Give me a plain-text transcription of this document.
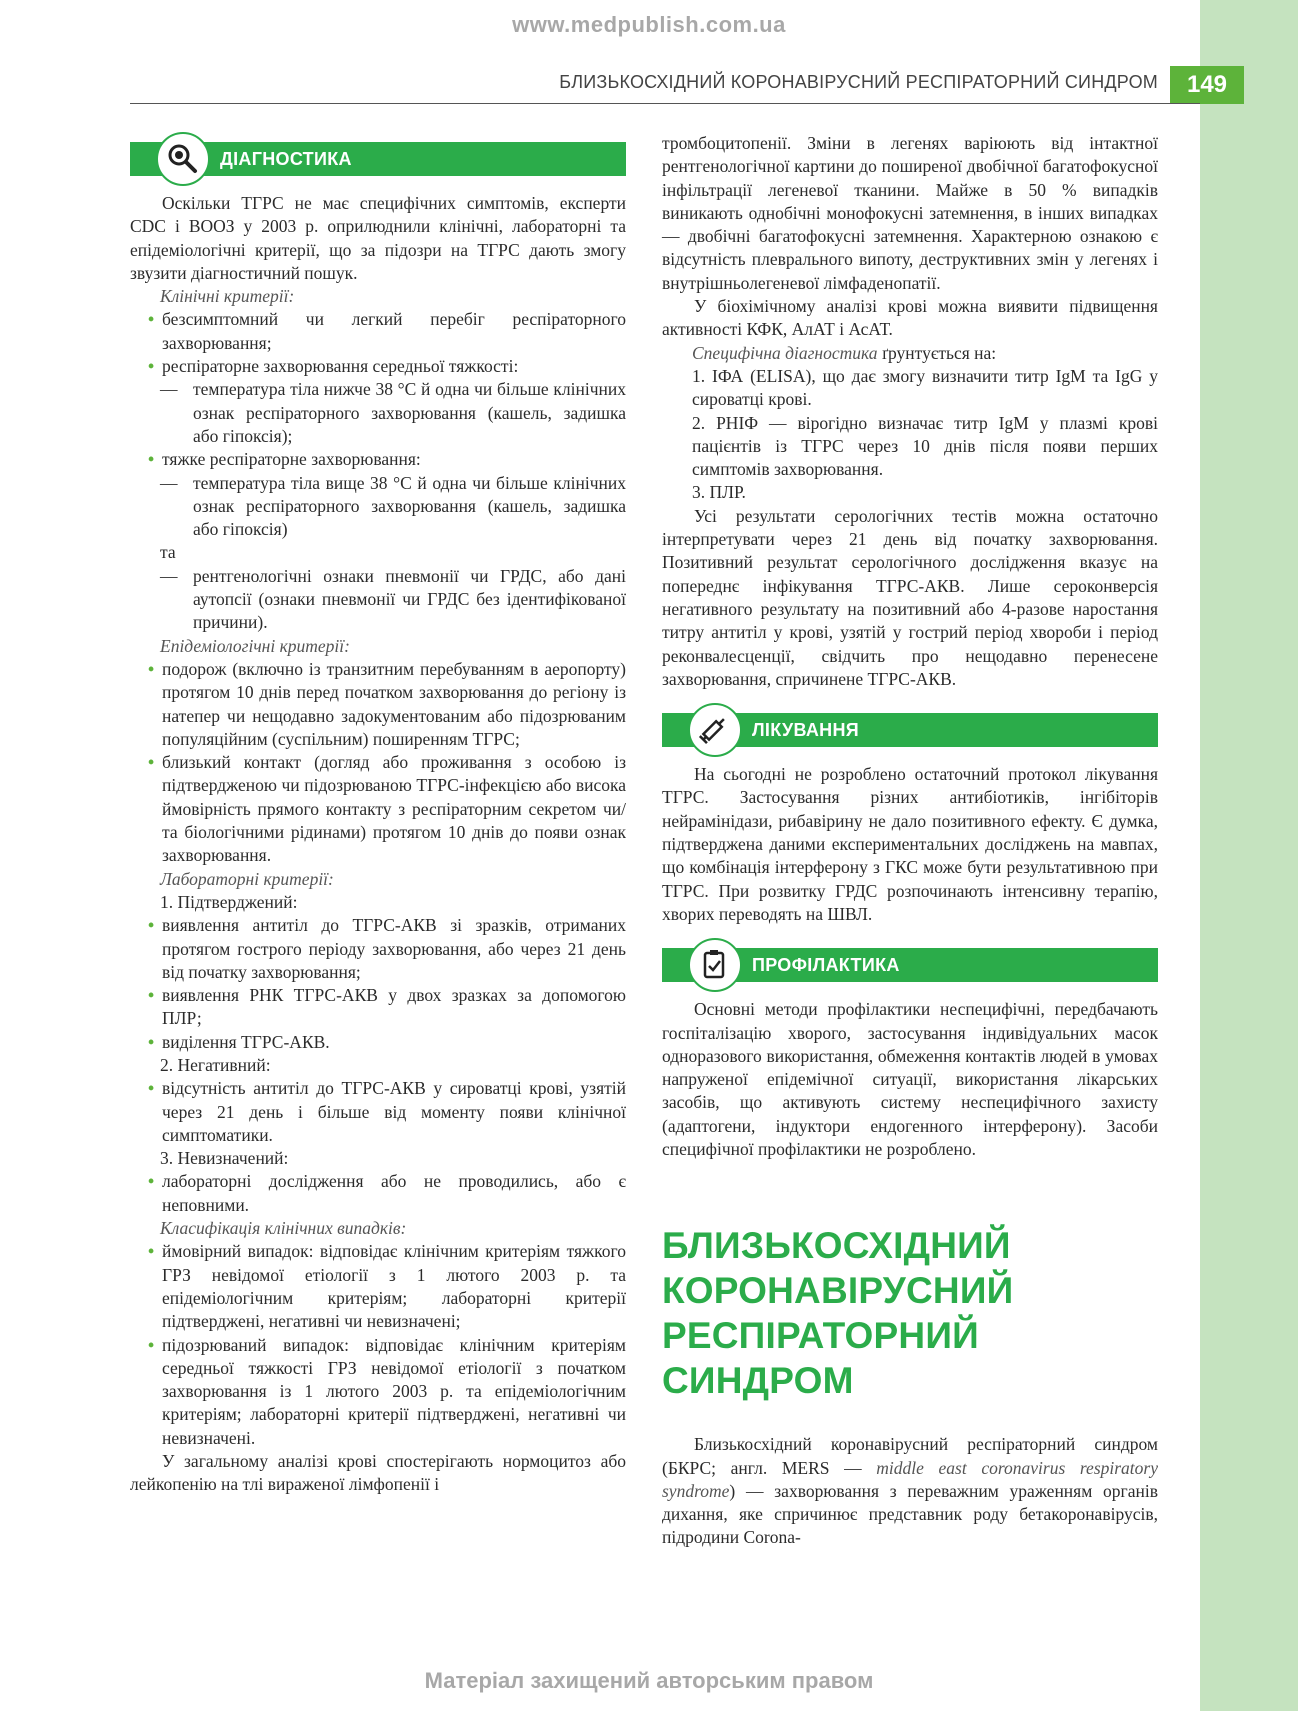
www.medpublish.com.ua
БЛИЗЬКОСХІДНИЙ КОРОНАВІРУСНИЙ РЕСПІРАТОРНИЙ СИНДРОМ	149
ДІАГНОСТИКА

Оскільки ТГРС не має специфічних симптомів, експерти CDC і ВООЗ у 2003 р. оприлюднили клінічні, лабораторні та епідеміологічні критерії, що за підозри на ТГРС дають змогу звузити діагностичний пошук.

Клінічні критерії:

• безсимптомний чи легкий перебіг респіраторного захворювання;

• респіраторне захворювання середньої тяжкості:

— температура тіла нижче 38 °С й одна чи більше клінічних ознак респіраторного захворювання (кашель, задишка або гіпоксія);

• тяжке респіраторне захворювання:

— температура тіла вище 38 °С й одна чи більше клінічних ознак респіраторного захворювання (кашель, задишка або гіпоксія)

та

— рентгенологічні ознаки пневмонії чи ГРДС, або дані аутопсії (ознаки пневмонії чи ГРДС без ідентифікованої причини).

Епідеміологічні критерії:

• подорож (включно із транзитним перебуванням в аеропорту) протягом 10 днів перед початком захворювання до регіону із натепер чи нещодавно задокументованим або підозрюваним популяційним (суспільним) поширенням ТГРС;

• близький контакт (догляд або проживання з особою із підтвердженою чи підозрюваною ТГРС-інфекцією або висока ймовірність прямого контакту з респіраторним секретом чи/та біологічними рідинами) протягом 10 днів до появи ознак захворювання.

Лабораторні критерії:

1. Підтверджений:

• виявлення антитіл до ТГРС-АКВ зі зразків, отриманих протягом гострого періоду захворювання, або через 21 день від початку захворювання;

• виявлення РНК ТГРС-АКВ у двох зразках за допомогою ПЛР;

• виділення ТГРС-АКВ.

2. Негативний:

• відсутність антитіл до ТГРС-АКВ у сироватці крові, узятій через 21 день і більше від моменту появи клінічної симптоматики.

3. Невизначений:

• лабораторні дослідження або не проводились, або є неповними.

Класифікація клінічних випадків:

• ймовірний випадок: відповідає клінічним критеріям тяжкого ГРЗ невідомої етіології з 1 лютого 2003 р. та епідеміологічним критеріям; лабораторні критерії підтверджені, негативні чи невизначені;

• підозрюваний випадок: відповідає клінічним критеріям середньої тяжкості ГРЗ невідомої етіології з початком захворювання із 1 лютого 2003 р. та епідеміологічним критеріям; лабораторні критерії підтверджені, негативні чи невизначені.

У загальному аналізі крові спостерігають нормоцитоз або лейкопенію на тлі вираженої лімфопенії і

тромбоцитопенії. Зміни в легенях варіюють від інтактної рентгенологічної картини до поширеної двобічної багатофокусної інфільтрації легеневої тканини. Майже в 50 % випадків виникають однобічні монофокусні затемнення, в інших випадках — двобічні багатофокусні затемнення. Характерною ознакою є відсутність плеврального випоту, деструктивних змін у легенях і внутрішньолегеневої лімфаденопатії.

У біохімічному аналізі крові можна виявити підвищення активності КФК, АлАТ і АсАТ.

Специфічна діагностика ґрунтується на:

1. ІФА (ELISA), що дає змогу визначити титр IgM та IgG у сироватці крові.

2. РНІФ — вірогідно визначає титр IgM у плазмі крові пацієнтів із ТГРС через 10 днів після появи перших симптомів захворювання.

3. ПЛР.

Усі результати серологічних тестів можна остаточно інтерпретувати через 21 день від початку захворювання. Позитивний результат серологічного дослідження вказує на попереднє інфікування ТГРС-АКВ. Лише сероконверсія негативного результату на позитивний або 4-разове наростання титру антитіл у крові, узятій у гострий період хвороби і період реконвалесценції, свідчить про нещодавно перенесене захворювання, спричинене ТГРС-АКВ.

ЛІКУВАННЯ

На сьогодні не розроблено остаточний протокол лікування ТГРС. Застосування різних антибіотиків, інгібіторів нейрамінідази, рибавірину не дало позитивного ефекту. Є думка, підтверджена даними експериментальних досліджень на мавпах, що комбінація інтерферону з ГКС може бути результативною при ТГРС. При розвитку ГРДС розпочинають інтенсивну терапію, хворих переводять на ШВЛ.

ПРОФІЛАКТИКА

Основні методи профілактики неспецифічні, передбачають госпіталізацію хворого, застосування індивідуальних масок одноразового використання, обмеження контактів людей в умовах напруженої епідемічної ситуації, використання лікарських засобів, що активують систему неспецифічного захисту (адаптогени, індуктори ендогенного інтерферону). Засоби специфічної профілактики не розроблено.

БЛИЗЬКОСХІДНИЙ КОРОНАВІРУСНИЙ РЕСПІРАТОРНИЙ СИНДРОМ

Близькосхідний коронавірусний респіраторний синдром (БКРС; англ. MERS — middle east coronavirus respiratory syndrome) — захворювання з переважним ураженням органів дихання, яке спричинює представник роду бетакоронавірусів, підродини Corona-

Матеріал захищений авторським правом
